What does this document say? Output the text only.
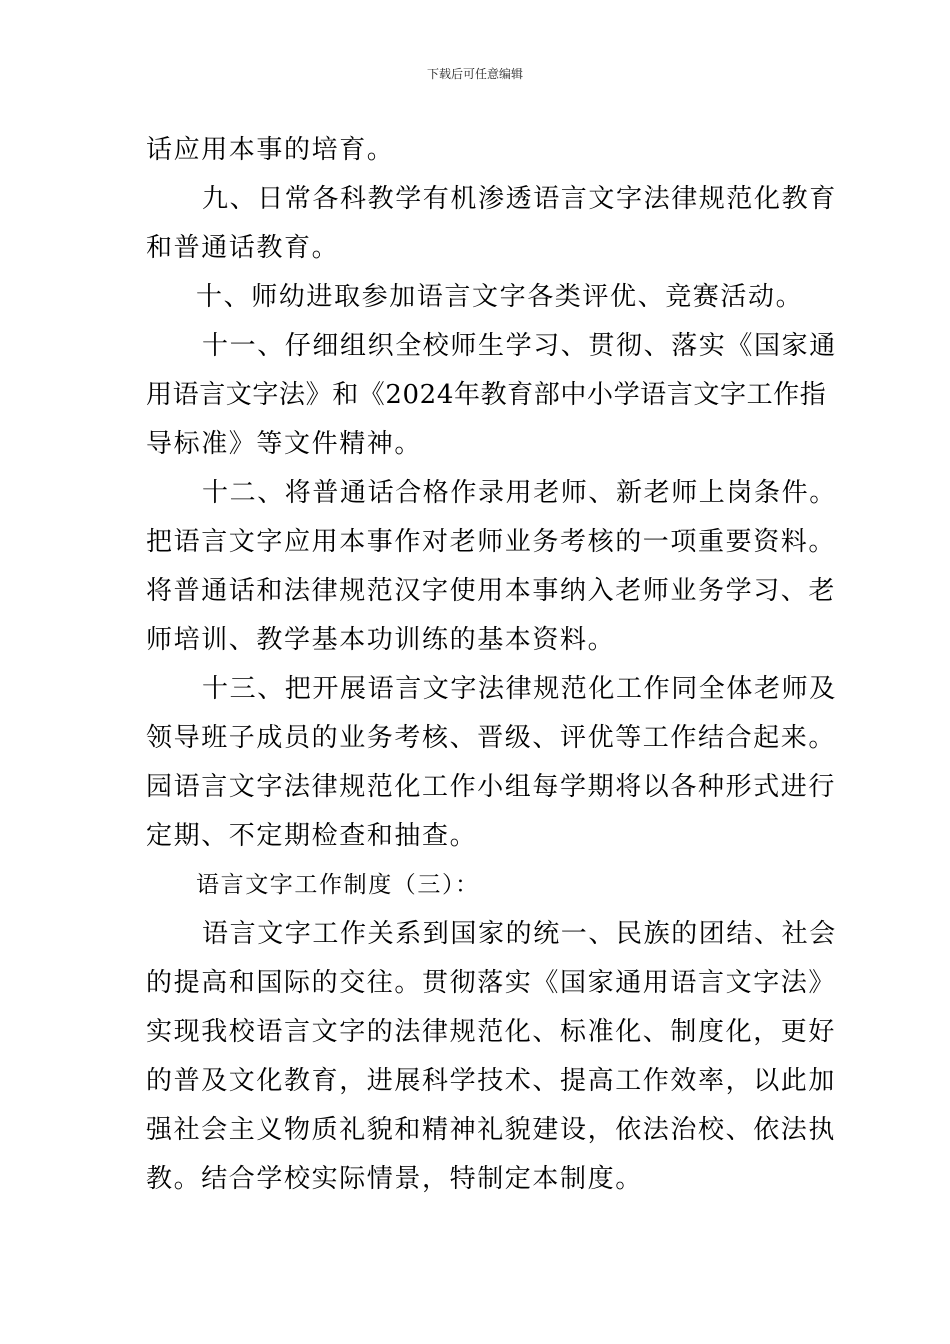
下载后可任意编辑
话应用本事的培育。
九、日常各科教学有机渗透语言文字法律规范化教育
和普通话教育。
十、师幼进取参加语言文字各类评优、竞赛活动。
十一、仔细组织全校师生学习、贯彻、落实《国家通
用语言文字法》和《2024年教育部中小学语言文字工作指
导标准》等文件精神。
十二、将普通话合格作录用老师、新老师上岗条件。
把语言文字应用本事作对老师业务考核的一项重要资料。
将普通话和法律规范汉字使用本事纳入老师业务学习、老
师培训、教学基本功训练的基本资料。
十三、把开展语言文字法律规范化工作同全体老师及
领导班子成员的业务考核、晋级、评优等工作结合起来。
园语言文字法律规范化工作小组每学期将以各种形式进行
定期、不定期检查和抽查。
语言文字工作制度（三）：
语言文字工作关系到国家的统一、民族的团结、社会
的提高和国际的交往。贯彻落实《国家通用语言文字法》
实现我校语言文字的法律规范化、标准化、制度化，更好
的普及文化教育，进展科学技术、提高工作效率，以此加
强社会主义物质礼貌和精神礼貌建设，依法治校、依法执
教。结合学校实际情景，特制定本制度。
